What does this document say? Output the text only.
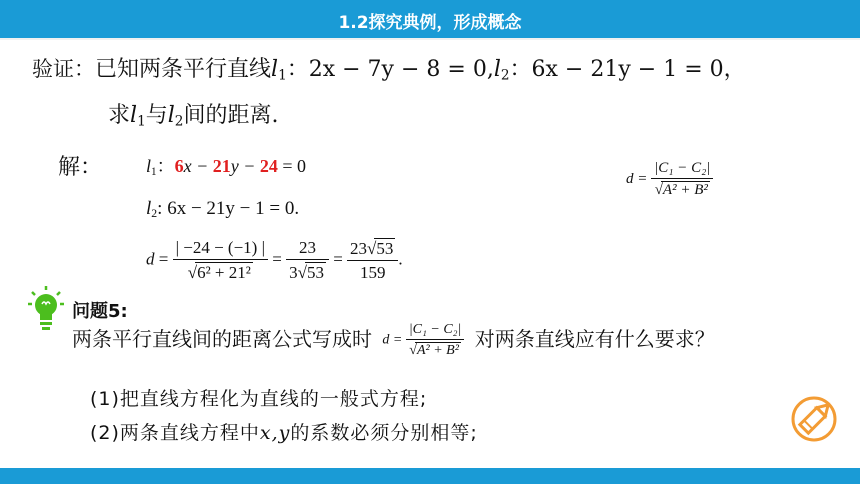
1.2探究典例，形成概念
验证：已知两条平行直线$l_1$：$2x - 7y - 8 = 0,l_2$：6x − 21y − 1 = 0，
求$l_1$与$l_2$间的距离.
解： $l_1$：6x − 21y − 24 = 0
$l_2$: 6x − 21y − 1 = 0.
$d = \frac{| -24 - (-1) |}{\text{√6² + 21²}} = \frac{23}{3√53} = \frac{23√53}{159}$ .
$d = \frac{\text{|C₁ − C₂|}}{\text{√A² + B²}}$
问题5:
两条平行直线间的距离公式写成时 $d = \frac{\text{|C₁ − C₂|}}{\text{√A² + B²}}$ 对两条直线应有什么要求？
(1)把直线方程化为直线的一般式方程;
(2)两条直线方程中x,y的系数必须分别相等;
